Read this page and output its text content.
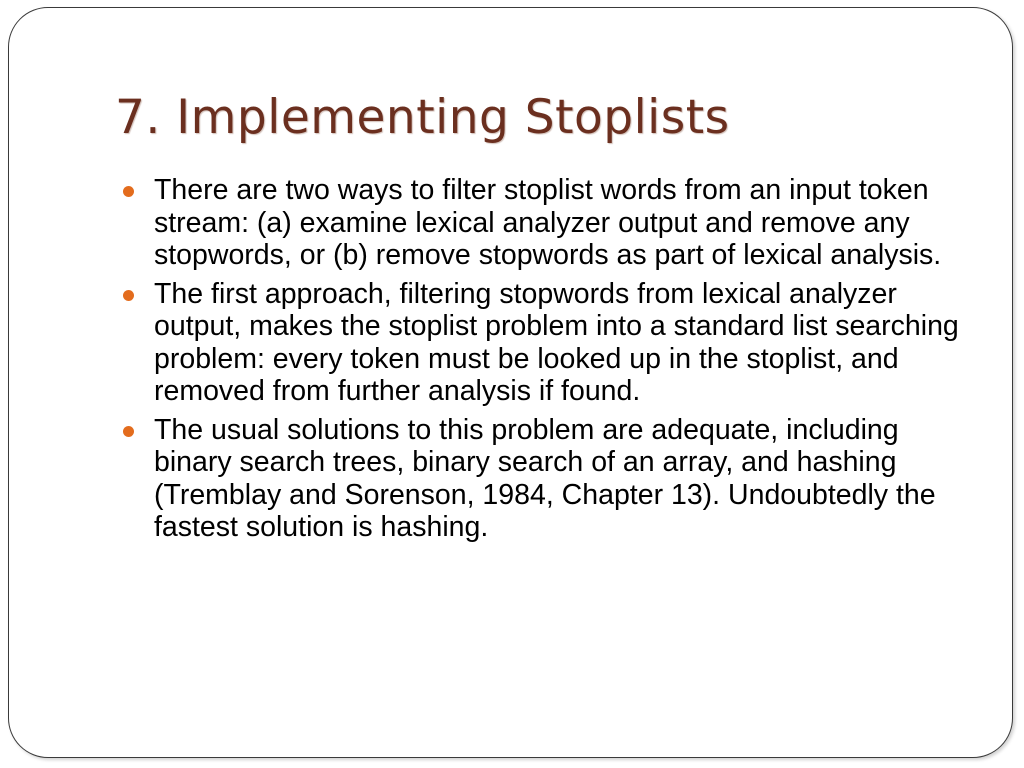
7. Implementing Stoplists
There are two ways to filter stoplist words from an input token stream: (a) examine lexical analyzer output and remove any stopwords, or (b) remove stopwords as part of lexical analysis.
The first approach, filtering stopwords from lexical analyzer output, makes the stoplist problem into a standard list searching problem: every token must be looked up in the stoplist, and removed from further analysis if found.
The usual solutions to this problem are adequate, including binary search trees, binary search of an array, and hashing (Tremblay and Sorenson, 1984, Chapter 13). Undoubtedly the fastest solution is hashing.
